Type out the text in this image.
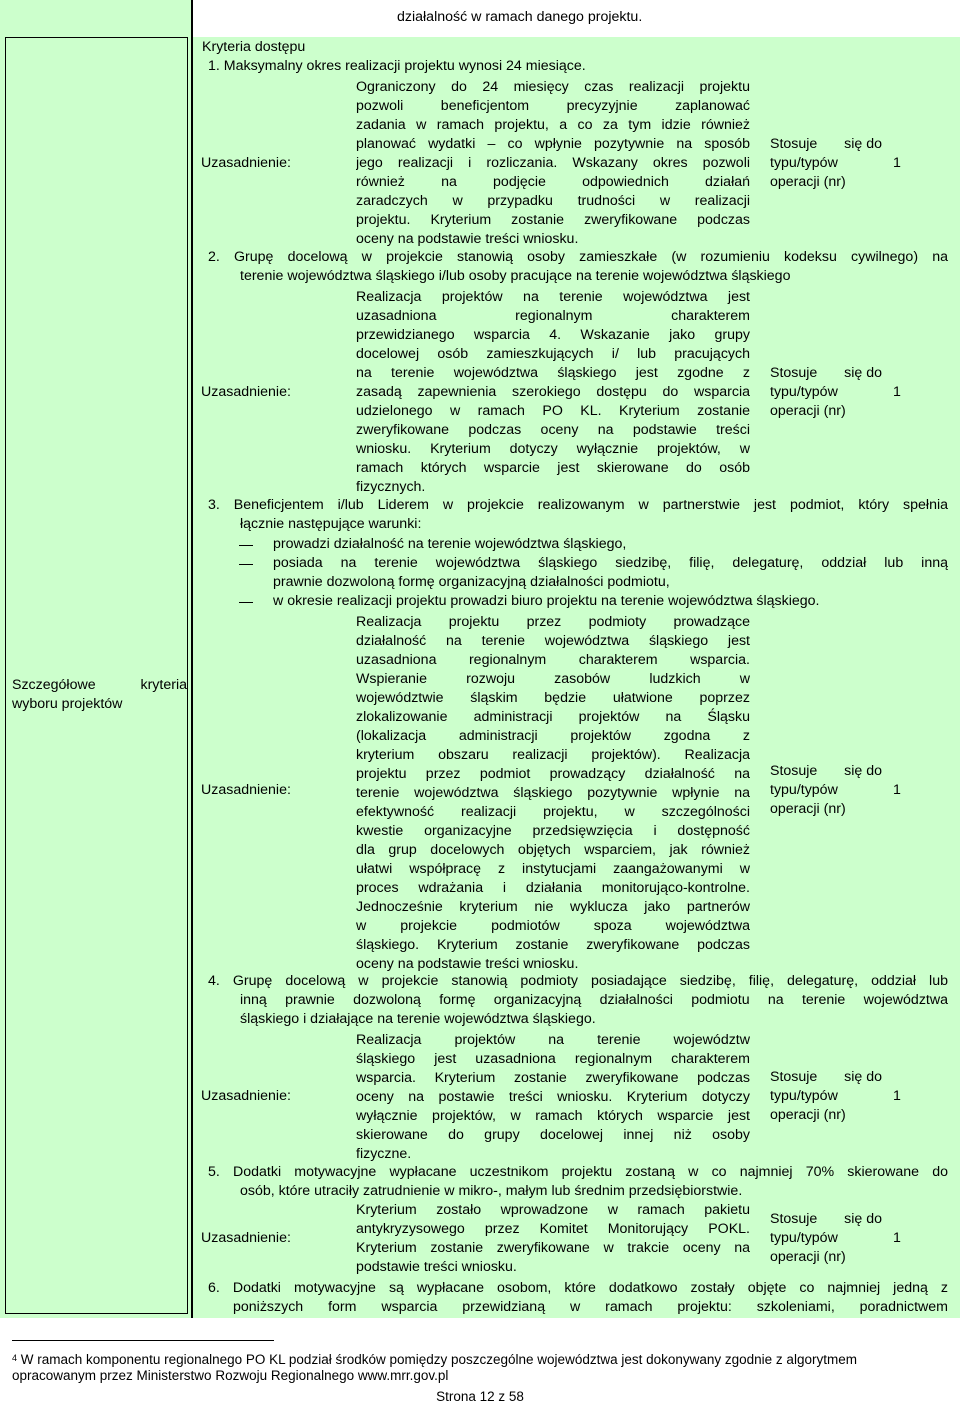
Szczegółowe	kryteria
wyboru projektów
działalność w ramach danego projektu.
Kryteria dostępu
1. Maksymalny okres realizacji projektu wynosi 24 miesiące.
Uzasadnienie:
Ograniczony do 24 miesięcy czas realizacji projektu
pozwoli beneficjentom precyzyjnie zaplanować
zadania w ramach projektu, a co za tym idzie również
planować wydatki – co wpłynie pozytywnie na sposób
jego realizacji i rozliczania. Wskazany okres pozwoli
również na podjęcie odpowiednich działań
zaradczych w przypadku trudności w realizacji
projektu. Kryterium zostanie zweryfikowane podczas
oceny na podstawie treści wniosku.
Stosuje się do
typu/typów
operacji (nr)
1
2. Grupę docelową w projekcie stanowią osoby zamieszkałe (w rozumieniu kodeksu cywilnego) na
terenie województwa śląskiego i/lub osoby pracujące na terenie województwa śląskiego
Uzasadnienie:
Realizacja projektów na terenie województwa jest
uzasadniona regionalnym charakterem
przewidzianego wsparcia 4. Wskazanie jako grupy
docelowej osób zamieszkujących i/ lub pracujących
na terenie województwa śląskiego jest zgodne z
zasadą zapewnienia szerokiego dostępu do wsparcia
udzielonego w ramach PO KL. Kryterium zostanie
zweryfikowane podczas oceny na podstawie treści
wniosku. Kryterium dotyczy wyłącznie projektów, w
ramach których wsparcie jest skierowane do osób
fizycznych.
Stosuje się do
typu/typów
operacji (nr)
1
3. Beneficjentem i/lub Liderem w projekcie realizowanym w partnerstwie jest podmiot, który spełnia
łącznie następujące warunki:
prowadzi działalność na terenie województwa śląskiego,
posiada na terenie województwa śląskiego siedzibę, filię, delegaturę, oddział lub inną
prawnie dozwoloną formę organizacyjną działalności podmiotu,
w okresie realizacji projektu prowadzi biuro projektu na terenie województwa śląskiego.
Uzasadnienie:
Realizacja projektu przez podmioty prowadzące
działalność na terenie województwa śląskiego jest
uzasadniona regionalnym charakterem wsparcia.
Wspieranie rozwoju zasobów ludzkich w
województwie śląskim będzie ułatwione poprzez
zlokalizowanie administracji projektów na Śląsku
(lokalizacja administracji projektów zgodna z
kryterium obszaru realizacji projektów). Realizacja
projektu przez podmiot prowadzący działalność na
terenie województwa śląskiego pozytywnie wpłynie na
efektywność realizacji projektu, w szczególności
kwestie organizacyjne przedsięwzięcia i dostępność
dla grup docelowych objętych wsparciem, jak również
ułatwi współpracę z instytucjami zaangażowanymi w
proces wdrażania i działania monitorująco-kontrolne.
Jednocześnie kryterium nie wyklucza jako partnerów
w projekcie podmiotów spoza województwa
śląskiego. Kryterium zostanie zweryfikowane podczas
oceny na podstawie treści wniosku.
Stosuje się do
typu/typów
operacji (nr)
1
4. Grupę docelową w projekcie stanowią podmioty posiadające siedzibę, filię, delegaturę, oddział lub
inną prawnie dozwoloną formę organizacyjną działalności podmiotu na terenie województwa
śląskiego i działające na terenie województwa śląskiego.
Uzasadnienie:
Realizacja projektów na terenie województw
śląskiego jest uzasadniona regionalnym charakterem
wsparcia. Kryterium zostanie zweryfikowane podczas
oceny na postawie treści wniosku. Kryterium dotyczy
wyłącznie projektów, w ramach których wsparcie jest
skierowane do grupy docelowej innej niż osoby
fizyczne.
Stosuje się do
typu/typów
operacji (nr)
1
5. Dodatki motywacyjne wypłacane uczestnikom projektu zostaną w co najmniej 70% skierowane do
osób, które utraciły zatrudnienie w mikro-, małym lub średnim przedsiębiorstwie.
Uzasadnienie:
Kryterium zostało wprowadzone w ramach pakietu
antykryzysowego przez Komitet Monitorujący POKL.
Kryterium zostanie zweryfikowane w trakcie oceny na
podstawie treści wniosku.
Stosuje się do
typu/typów
operacji (nr)
1
6. Dodatki motywacyjne są wypłacane osobom, które dodatkowo zostały objęte co najmniej jedną z
poniższych form wsparcia przewidzianą w ramach projektu: szkoleniami, poradnictwem
$^4$ W ramach komponentu regionalnego PO KL podział środków pomiędzy poszczególne województwa jest dokonywany zgodnie z algorytmem
opracowanym przez Ministerstwo Rozwoju Regionalnego www.mrr.gov.pl
Strona 12 z 58
